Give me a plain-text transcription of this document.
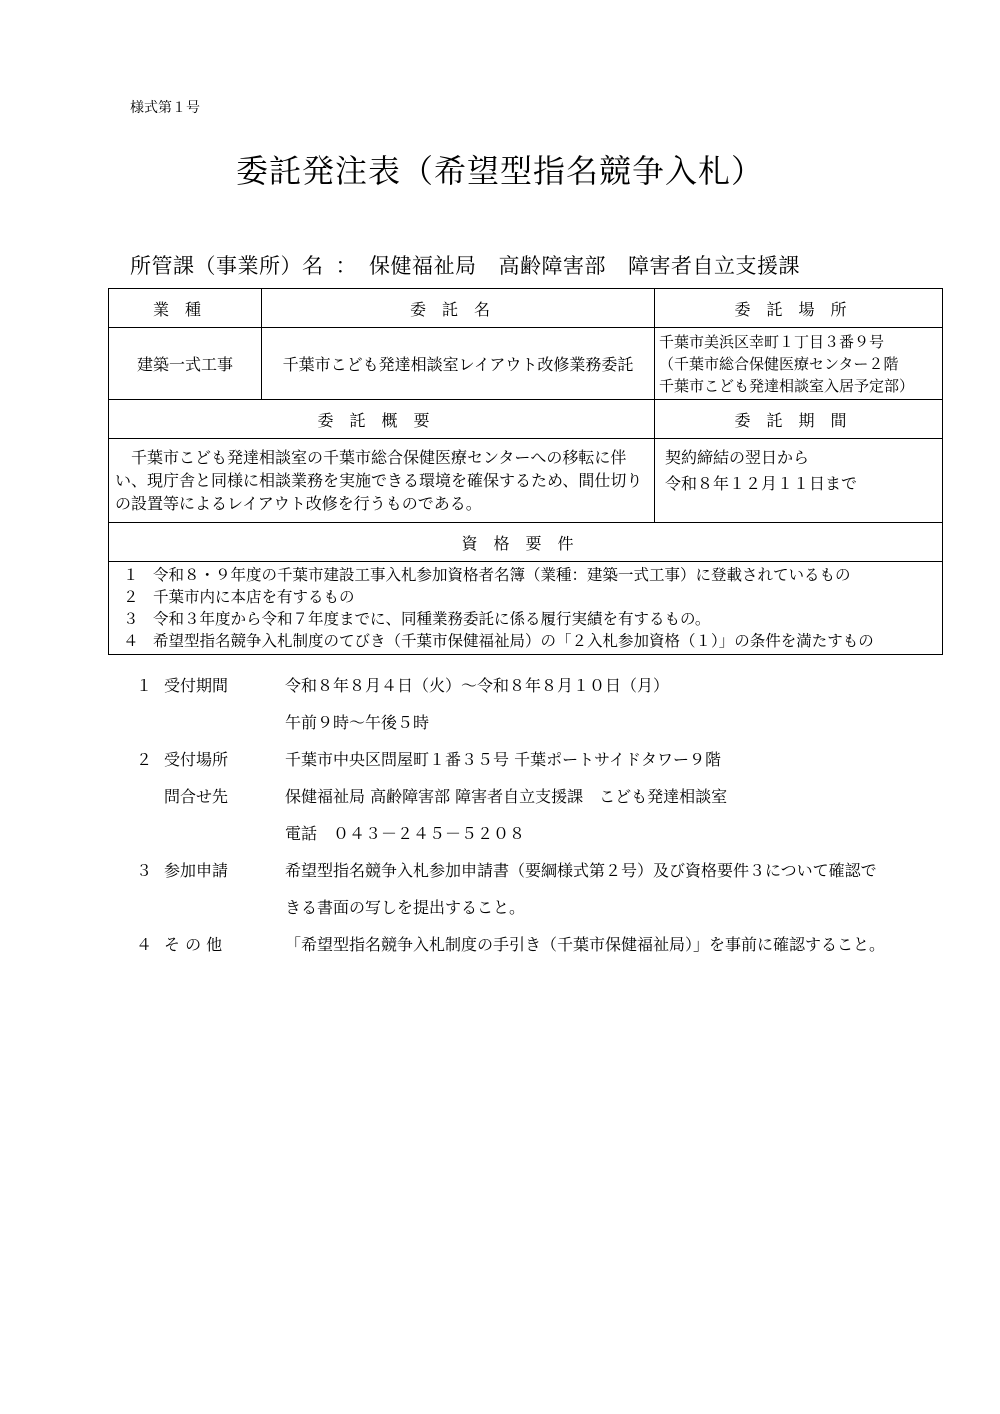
様式第１号
委託発注表（希望型指名競争入札）
所管課（事業所）名 ： 保健福祉局 高齢障害部 障害者自立支援課
業種	委託名	委託場所
建築一式工事	千葉市こども発達相談室レイアウト改修業務委託	千葉市美浜区幸町１丁目３番９号
（千葉市総合保健医療センター２階
千葉市こども発達相談室入居予定部）

委託概要		委託期間
千葉市こども発達相談室の千葉市総合保健医療センターへの移転に伴い、現庁舎と同様に相談業務を実施できる環境を確保するため、間仕切りの設置等によるレイアウト改修を行うものである。		契約締結の翌日から
令和８年１２月１１日まで

資格要件		

１ 令和８・９年度の千葉市建設工事入札参加資格者名簿（業種：建築一式工事）に登載されているもの
２ 千葉市内に本店を有するもの
３ 令和３年度から令和７年度までに、同種業務委託に係る履行実績を有するもの。
４ 希望型指名競争入札制度のてびき（千葉市保健福祉局）の「２入札参加資格（１）」の条件を満たすもの		
１ 受付期間	令和８年８月４日（火）～令和８年８月１０日（月）
午前９時～午後５時
２ 受付場所	千葉市中央区問屋町１番３５号 千葉ポートサイドタワー９階
問合せ先	保健福祉局 高齢障害部 障害者自立支援課　こども発達相談室
電話　０４３－２４５－５２０８
３ 参加申請	希望型指名競争入札参加申請書（要綱様式第２号）及び資格要件３について確認で
きる書面の写しを提出すること。
４ そ の 他	「希望型指名競争入札制度の手引き（千葉市保健福祉局）」を事前に確認すること。
